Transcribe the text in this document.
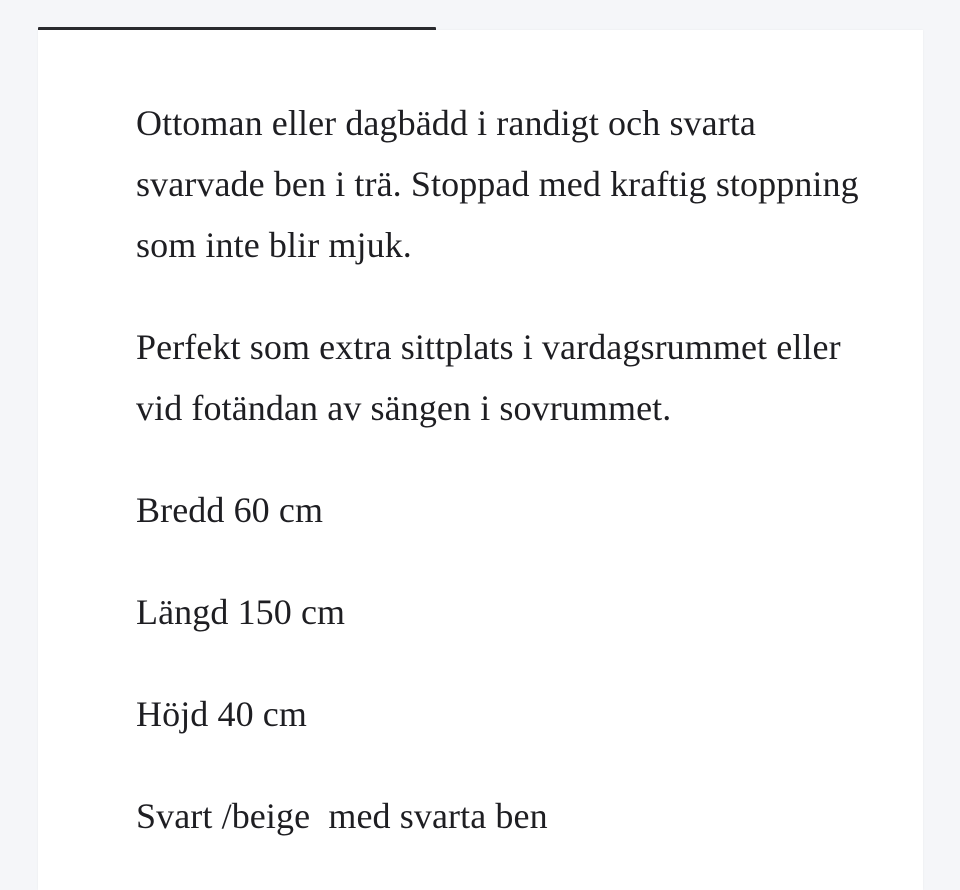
Ottoman eller dagbädd i randigt och svarta svarvade ben i trä. Stoppad med kraftig stoppning som inte blir mjuk.

Perfekt som extra sittplats i vardagsrummet eller vid fotändan av sängen i sovrummet.

Bredd 60 cm

Längd 150 cm

Höjd 40 cm

Svart /beige  med svarta ben
